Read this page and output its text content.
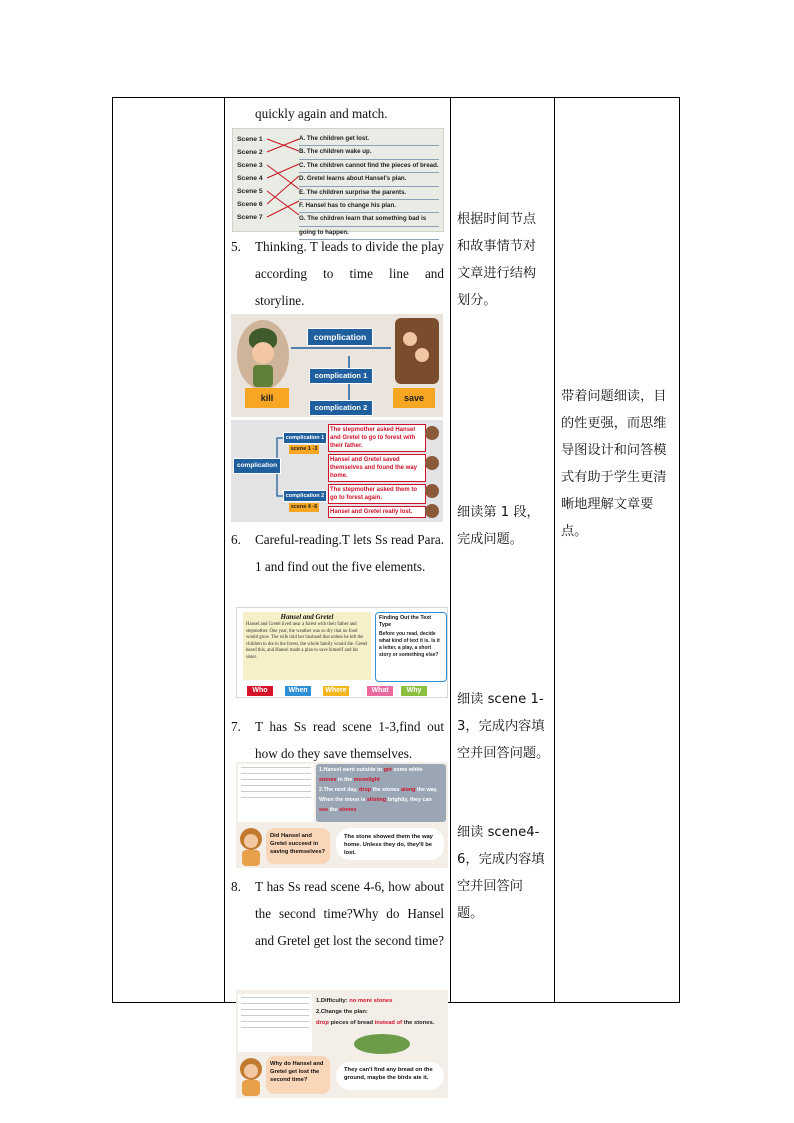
quickly again and match.
Scene 1
Scene 2
Scene 3
Scene 4
Scene 5
Scene 6
Scene 7
A. The children get lost.
B. The children wake up.
C. The children cannot find the pieces of bread.
D. Gretel learns about Hansel's plan.
E. The children surprise the parents.
F. Hansel has to change his plan.
G. The children learn that something bad is
going to happen.
5. Thinking. T leads to divide the play according to time line and storyline.
complication
complication 1
complication 2
kill	save
complication
complication 1
scene 1 -3
complication 2
scene 4 -6
The stepmother asked Hansel and Gretel to go to forest with their father.
Hansel and Gretel saved themselves and found the way home.
The stepmother asked them to go to forest again.
Hansel and Gretel really lost.
6. Careful-reading.T lets Ss read Para. 1 and find out the five elements.
Hansel and Gretel
Hansel and Gretel lived near a forest with their father and stepmother. One year, the weather was so dry that no food would grow. The wife told her husband that unless he left the children to die in the forest, the whole family would die. Gretel heard this, and Hansel made a plan to save himself and his sister.
Finding Out the Text Type
Before you read, decide what kind of text it is. Is it a letter, a play, a short story or something else?
Who	When	Where	What	Why
7. T has Ss read scene 1-3,find out how do they save themselves.
1.Hansel went outside to get some white
stones in the moonlight
2.The next day, drop the stones along the way.
When the moon is shining brightly, they can
see the stones
Did Hansel and Gretel succeed in saving themselves?
The stone showed them the way home. Unless they do, they'll be lost.
8. T has Ss read scene 4-6, how about the second time?Why do Hansel and Gretel get lost the second time?
1.Difficulty: no more stones
2.Change the plan:
drop pieces of bread instead of the stones.
Why do Hansel and Gretel get lost the second time?
They can't find any bread on the ground, maybe the birds ate it.
根据时间节点和故事情节对文章进行结构划分。
细读第 1 段，完成问题。
细读 scene 1-3，完成内容填空并回答问题。
细读 scene4-6，完成内容填空并回答问题。
带着问题细读，目的性更强，而思维导图设计和问答模式有助于学生更清晰地理解文章要点。
